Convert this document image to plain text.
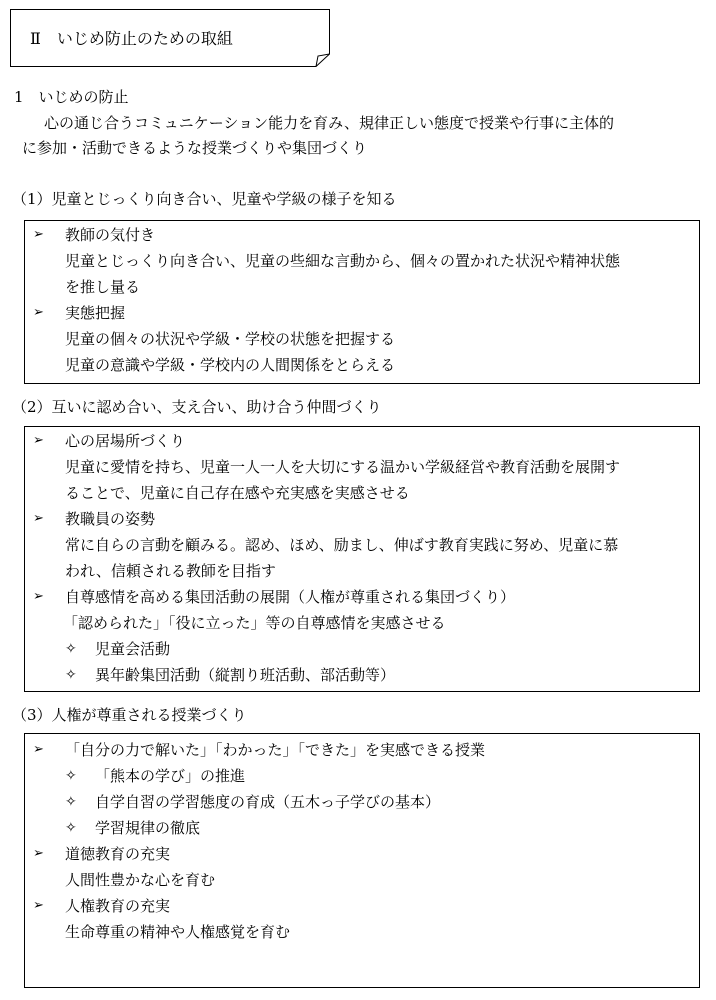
Ⅱ　いじめ防止のための取組
1　いじめの防止
心の通じ合うコミュニケーション能力を育み、規律正しい態度で授業や行事に主体的
に参加・活動できるような授業づくりや集団づくり
（1）児童とじっくり向き合い、児童や学級の様子を知る
➢ 教師の気付き
児童とじっくり向き合い、児童の些細な言動から、個々の置かれた状況や精神状態
を推し量る
➢ 実態把握
児童の個々の状況や学級・学校の状態を把握する
児童の意識や学級・学校内の人間関係をとらえる
（2）互いに認め合い、支え合い、助け合う仲間づくり
➢ 心の居場所づくり
児童に愛情を持ち、児童一人一人を大切にする温かい学級経営や教育活動を展開す
ることで、児童に自己存在感や充実感を実感させる
➢ 教職員の姿勢
常に自らの言動を顧みる。認め、ほめ、励まし、伸ばす教育実践に努め、児童に慕
われ、信頼される教師を目指す
➢ 自尊感情を高める集団活動の展開（人権が尊重される集団づくり）
「認められた」「役に立った」等の自尊感情を実感させる
✧ 児童会活動
✧ 異年齢集団活動（縦割り班活動、部活動等）
（3）人権が尊重される授業づくり
➢ 「自分の力で解いた」「わかった」「できた」を実感できる授業
✧ 「熊本の学び」の推進
✧ 自学自習の学習態度の育成（五木っ子学びの基本）
✧ 学習規律の徹底
➢ 道徳教育の充実
人間性豊かな心を育む
➢ 人権教育の充実
生命尊重の精神や人権感覚を育む
